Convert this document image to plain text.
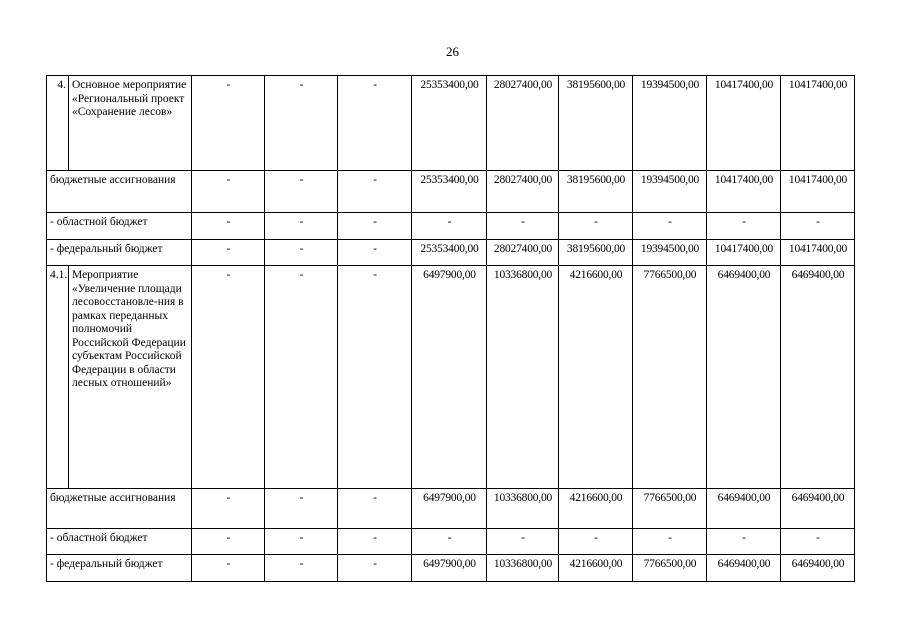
26
4.	Основное мероприятие «Региональный проект «Сохранение лесов»	-	-	-	25353400,00	28027400,00	38195600,00	19394500,00	10417400,00	10417400,00
бюджетные ассигнования		-	-	-	25353400,00	28027400,00	38195600,00	19394500,00	10417400,00	10417400,00
- областной бюджет		-	-	-	-	-	-	-	-	-
- федеральный бюджет		-	-	-	25353400,00	28027400,00	38195600,00	19394500,00	10417400,00	10417400,00
4.1.	Мероприятие «Увеличение площади лесовосстановле-ния в рамках переданных полномочий Российской Федерации субъектам Российской Федерации в области лесных отношений»	-	-	-	6497900,00	10336800,00	4216600,00	7766500,00	6469400,00	6469400,00
бюджетные ассигнования		-	-	-	6497900,00	10336800,00	4216600,00	7766500,00	6469400,00	6469400,00
- областной бюджет		-	-	-	-	-	-	-	-	-
- федеральный бюджет		-	-	-	6497900,00	10336800,00	4216600,00	7766500,00	6469400,00	6469400,00
